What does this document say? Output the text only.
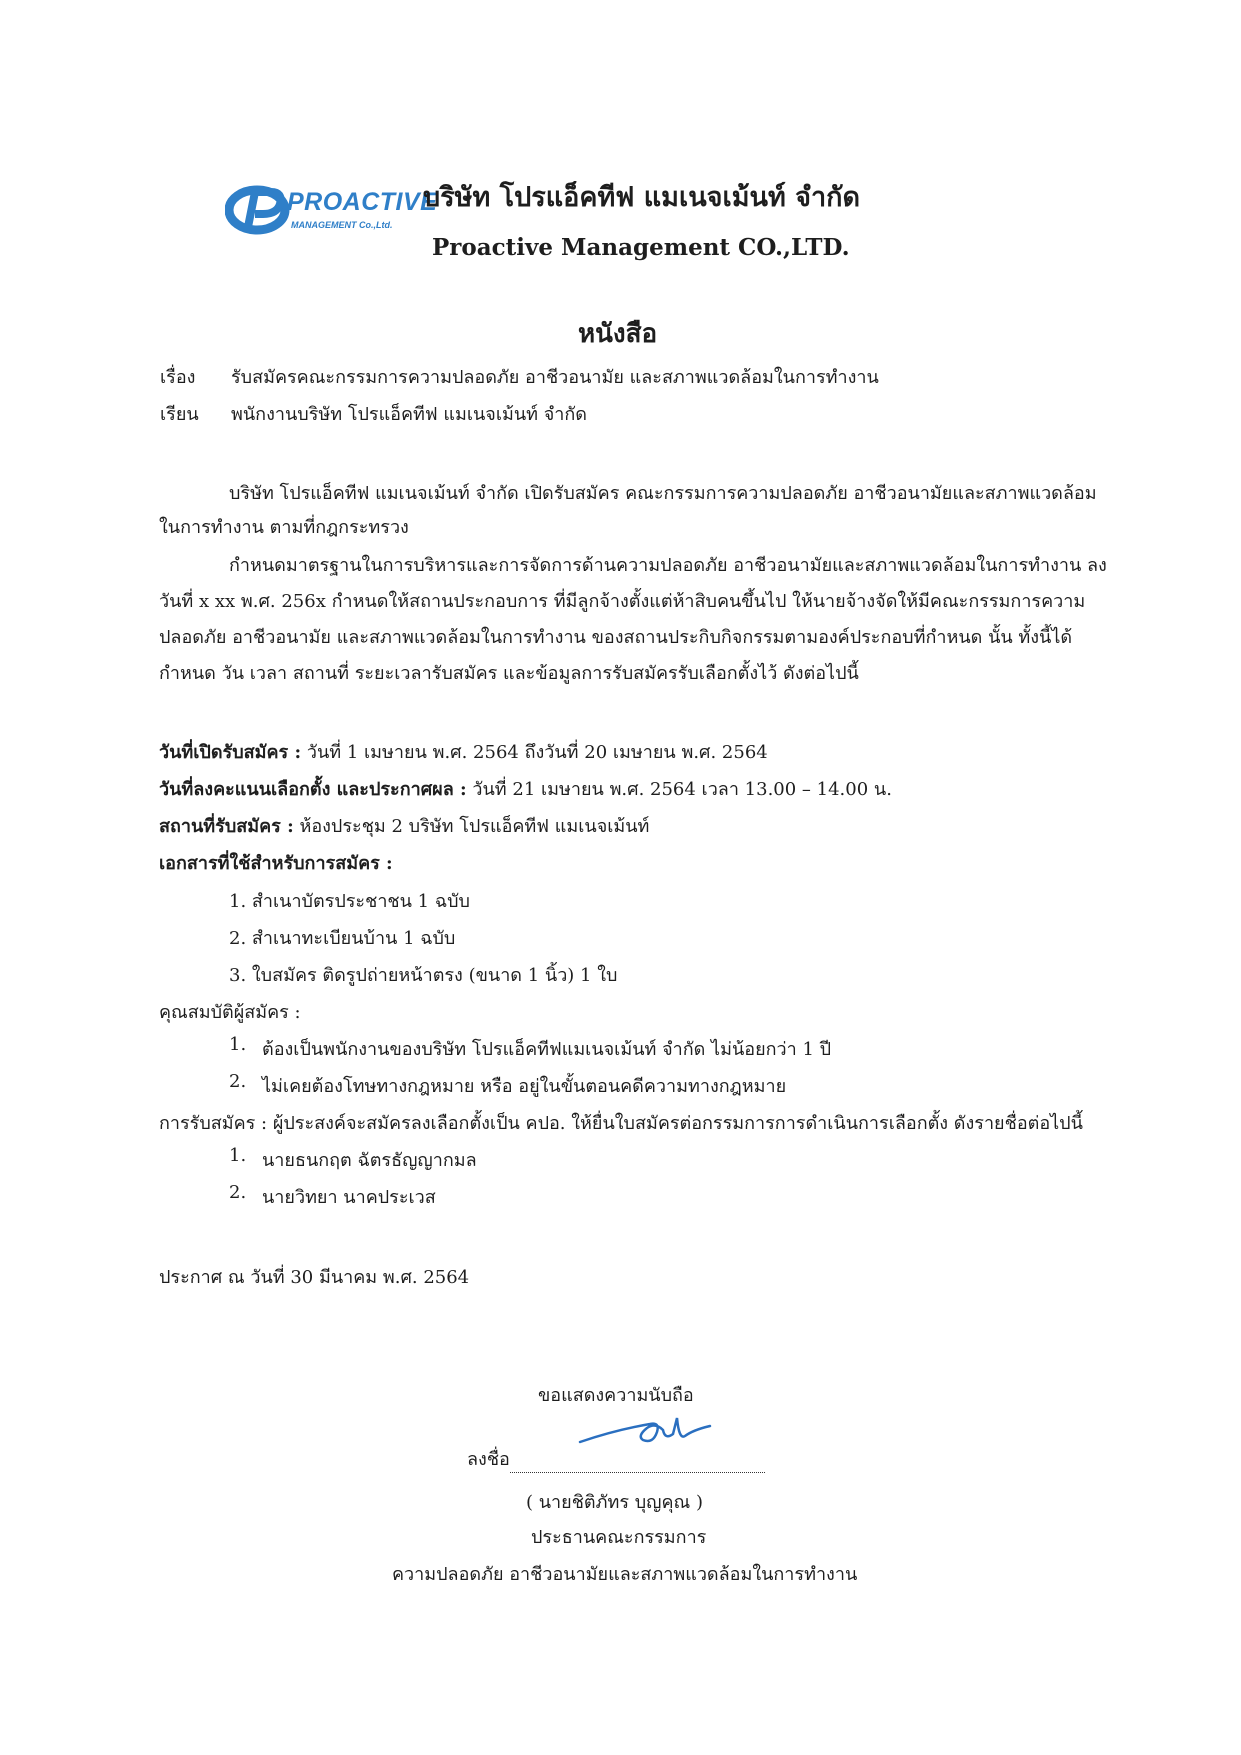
PROACTIVE
MANAGEMENT Co.,Ltd.
บริษัท โปรแอ็คทีฟ แมเนจเม้นท์ จำกัด
Proactive Management CO.,LTD.
หนังสือ
เรื่อง รับสมัครคณะกรรมการความปลอดภัย อาชีวอนามัย และสภาพแวดล้อมในการทำงาน
เรียน พนักงานบริษัท โปรแอ็คทีฟ แมเนจเม้นท์ จำกัด
บริษัท โปรแอ็คทีฟ แมเนจเม้นท์ จำกัด เปิดรับสมัคร คณะกรรมการความปลอดภัย อาชีวอนามัยและสภาพแวดล้อม
ในการทำงาน ตามที่กฎกระทรวง
กำหนดมาตรฐานในการบริหารและการจัดการด้านความปลอดภัย อาชีวอนามัยและสภาพแวดล้อมในการทำงาน ลง
วันที่ x xx พ.ศ. 256x กำหนดให้สถานประกอบการ ที่มีลูกจ้างตั้งแต่ห้าสิบคนขึ้นไป ให้นายจ้างจัดให้มีคณะกรรมการความ
ปลอดภัย อาชีวอนามัย และสภาพแวดล้อมในการทำงาน ของสถานประกิบกิจกรรมตามองค์ประกอบที่กำหนด นั้น ทั้งนี้ได้
กำหนด วัน เวลา สถานที่ ระยะเวลารับสมัคร และข้อมูลการรับสมัครรับเลือกตั้งไว้ ดังต่อไปนี้
วันที่เปิดรับสมัคร : วันที่ 1 เมษายน พ.ศ. 2564 ถึงวันที่ 20 เมษายน พ.ศ. 2564
วันที่ลงคะแนนเลือกตั้ง และประกาศผล : วันที่ 21 เมษายน พ.ศ. 2564 เวลา 13.00 – 14.00 น.
สถานที่รับสมัคร : ห้องประชุม 2 บริษัท โปรแอ็คทีฟ แมเนจเม้นท์
เอกสารที่ใช้สำหรับการสมัคร :
1. สำเนาบัตรประชาชน 1 ฉบับ
2. สำเนาทะเบียนบ้าน 1 ฉบับ
3. ใบสมัคร ติดรูปถ่ายหน้าตรง (ขนาด 1 นิ้ว) 1 ใบ
คุณสมบัติผู้สมัคร :
1. ต้องเป็นพนักงานของบริษัท โปรแอ็คทีฟแมเนจเม้นท์ จำกัด ไม่น้อยกว่า 1 ปี
2. ไม่เคยต้องโทษทางกฎหมาย หรือ อยู่ในขั้นตอนคดีความทางกฎหมาย
การรับสมัคร : ผู้ประสงค์จะสมัครลงเลือกตั้งเป็น คปอ. ให้ยื่นใบสมัครต่อกรรมการการดำเนินการเลือกตั้ง ดังรายชื่อต่อไปนี้
1. นายธนกฤต ฉัตรธัญญากมล
2. นายวิทยา นาคประเวส
ประกาศ ณ วันที่ 30 มีนาคม พ.ศ. 2564
ขอแสดงความนับถือ
ลงชื่อ
( นายชิติภัทร บุญคุณ )
ประธานคณะกรรมการ
ความปลอดภัย อาชีวอนามัยและสภาพแวดล้อมในการทำงาน
